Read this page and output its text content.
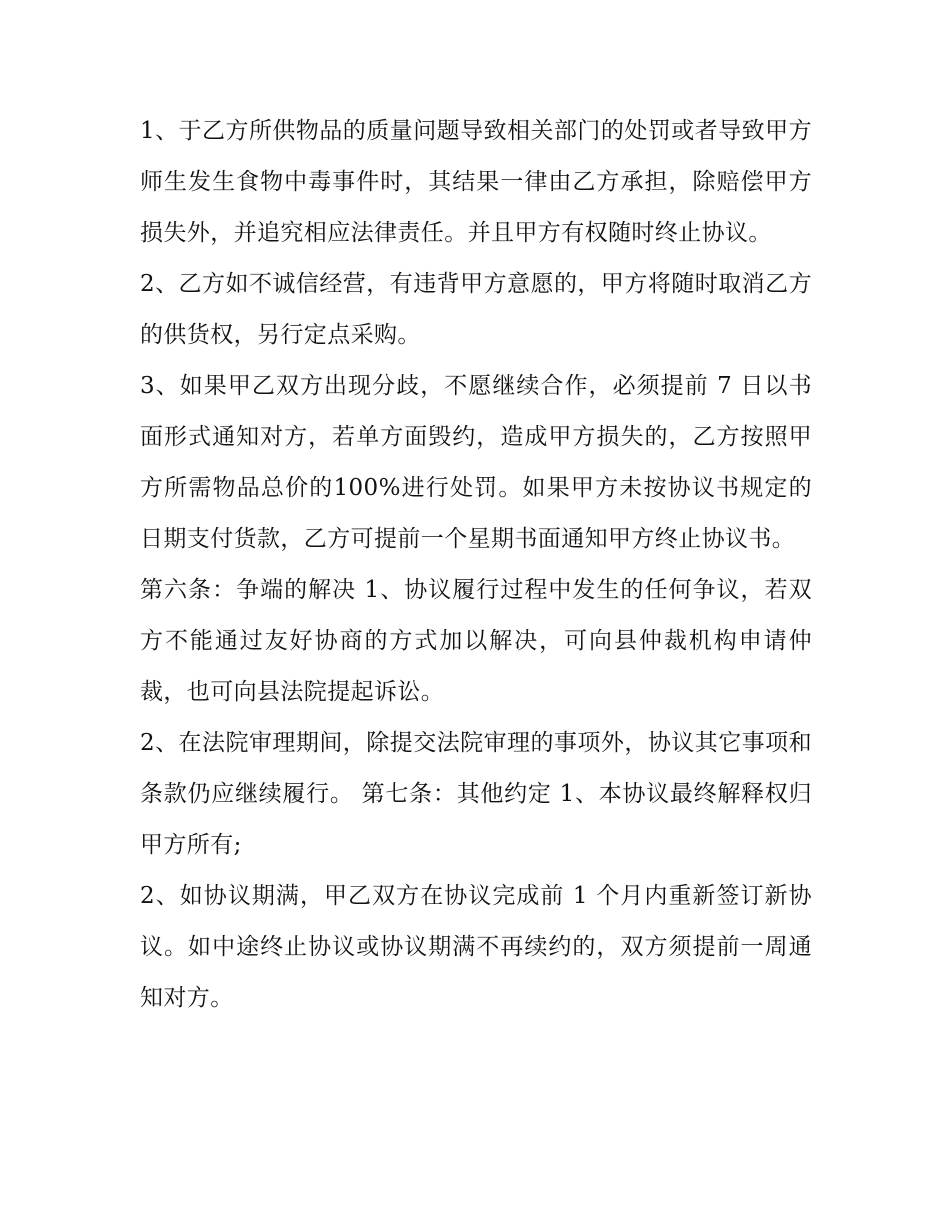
1、于乙方所供物品的质量问题导致相关部门的处罚或者导致甲方师生发生食物中毒事件时，其结果一律由乙方承担，除赔偿甲方损失外，并追究相应法律责任。并且甲方有权随时终止协议。

2、乙方如不诚信经营，有违背甲方意愿的，甲方将随时取消乙方的供货权，另行定点采购。

3、如果甲乙双方出现分歧，不愿继续合作，必须提前 7 日以书面形式通知对方，若单方面毁约，造成甲方损失的，乙方按照甲方所需物品总价的100%进行处罚。如果甲方未按协议书规定的日期支付货款，乙方可提前一个星期书面通知甲方终止协议书。

第六条：争端的解决 1、协议履行过程中发生的任何争议，若双方不能通过友好协商的方式加以解决，可向县仲裁机构申请仲裁，也可向县法院提起诉讼。

2、在法院审理期间，除提交法院审理的事项外，协议其它事项和条款仍应继续履行。 第七条：其他约定 1、本协议最终解释权归甲方所有;

2、如协议期满，甲乙双方在协议完成前 1 个月内重新签订新协议。如中途终止协议或协议期满不再续约的，双方须提前一周通知对方。
